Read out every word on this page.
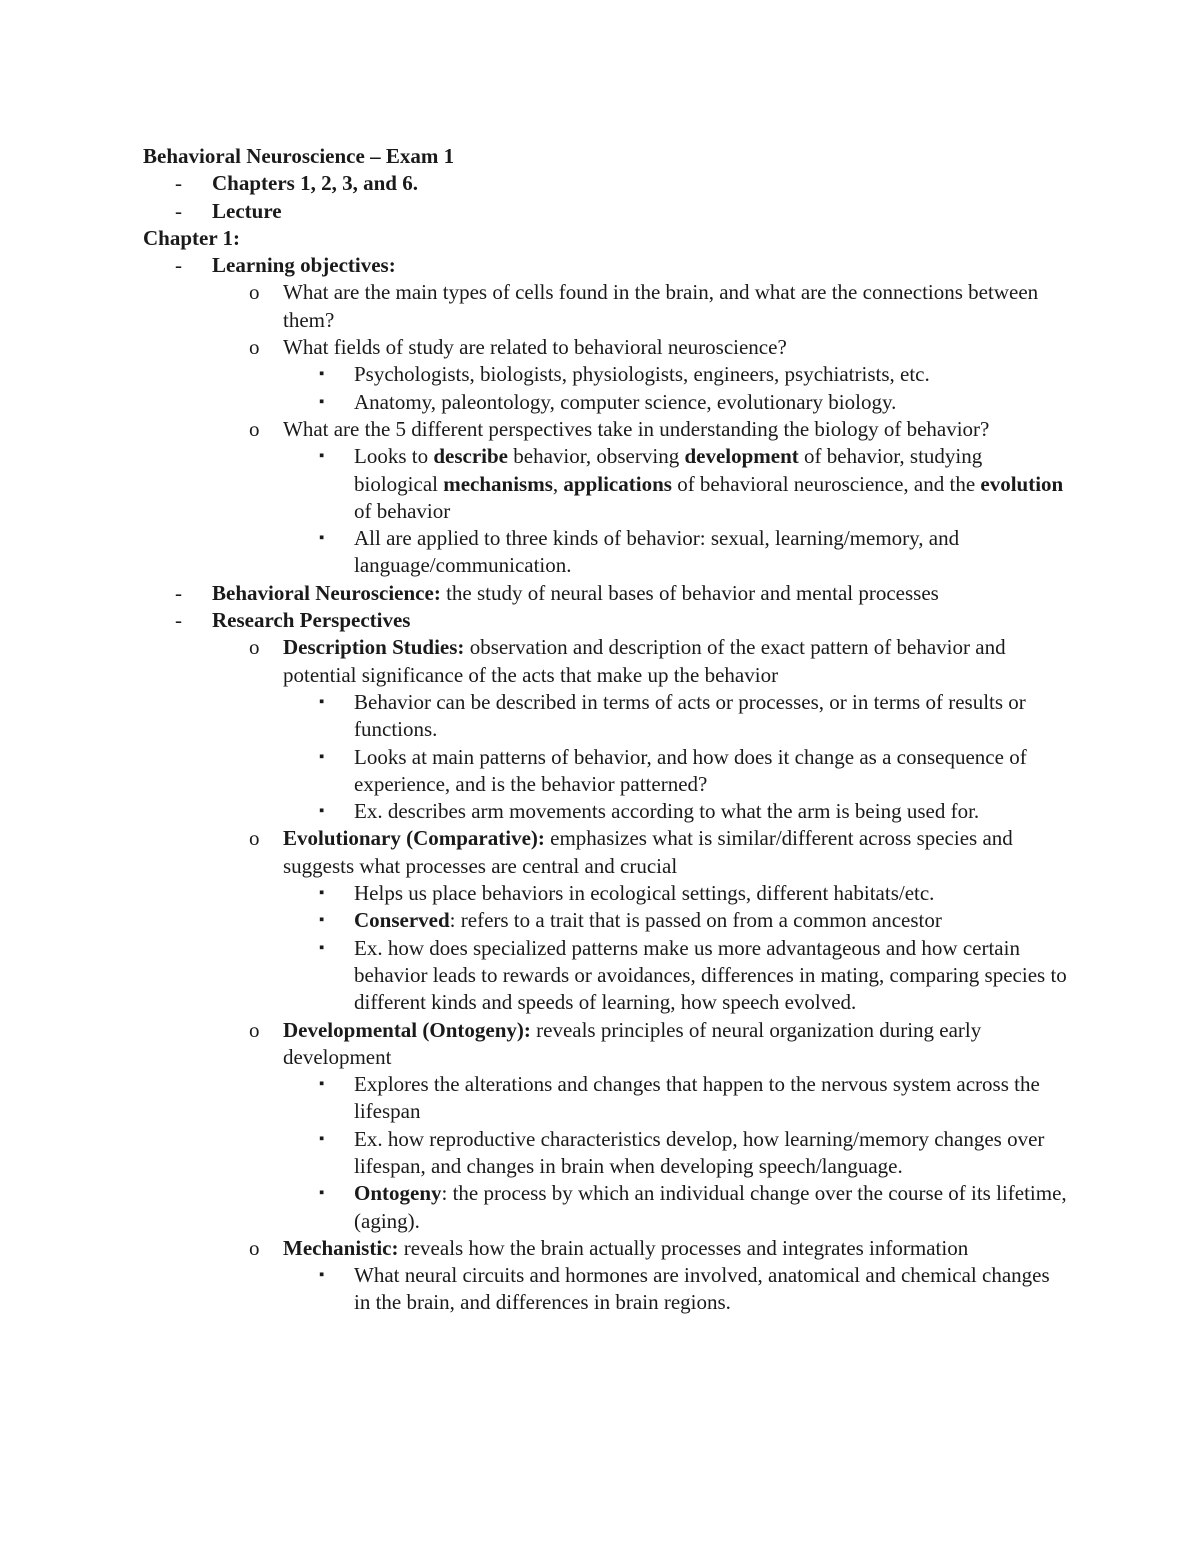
Behavioral Neuroscience – Exam 1

- Chapters 1, 2, 3, and 6.

- Lecture

Chapter 1:

- Learning objectives:

o What are the main types of cells found in the brain, and what are the connections between them?

o What fields of study are related to behavioral neuroscience?

▪ Psychologists, biologists, physiologists, engineers, psychiatrists, etc.

▪ Anatomy, paleontology, computer science, evolutionary biology.

o What are the 5 different perspectives take in understanding the biology of behavior?

▪ Looks to describe behavior, observing development of behavior, studying biological mechanisms, applications of behavioral neuroscience, and the evolution of behavior

▪ All are applied to three kinds of behavior: sexual, learning/memory, and language/communication.

- Behavioral Neuroscience: the study of neural bases of behavior and mental processes

- Research Perspectives

o Description Studies: observation and description of the exact pattern of behavior and potential significance of the acts that make up the behavior

▪ Behavior can be described in terms of acts or processes, or in terms of results or functions.

▪ Looks at main patterns of behavior, and how does it change as a consequence of experience, and is the behavior patterned?

▪ Ex. describes arm movements according to what the arm is being used for.

o Evolutionary (Comparative): emphasizes what is similar/different across species and suggests what processes are central and crucial

▪ Helps us place behaviors in ecological settings, different habitats/etc.

▪ Conserved: refers to a trait that is passed on from a common ancestor

▪ Ex. how does specialized patterns make us more advantageous and how certain behavior leads to rewards or avoidances, differences in mating, comparing species to different kinds and speeds of learning, how speech evolved.

o Developmental (Ontogeny): reveals principles of neural organization during early development

▪ Explores the alterations and changes that happen to the nervous system across the lifespan

▪ Ex. how reproductive characteristics develop, how learning/memory changes over lifespan, and changes in brain when developing speech/language.

▪ Ontogeny: the process by which an individual change over the course of its lifetime, (aging).

o Mechanistic: reveals how the brain actually processes and integrates information

▪ What neural circuits and hormones are involved, anatomical and chemical changes in the brain, and differences in brain regions.
